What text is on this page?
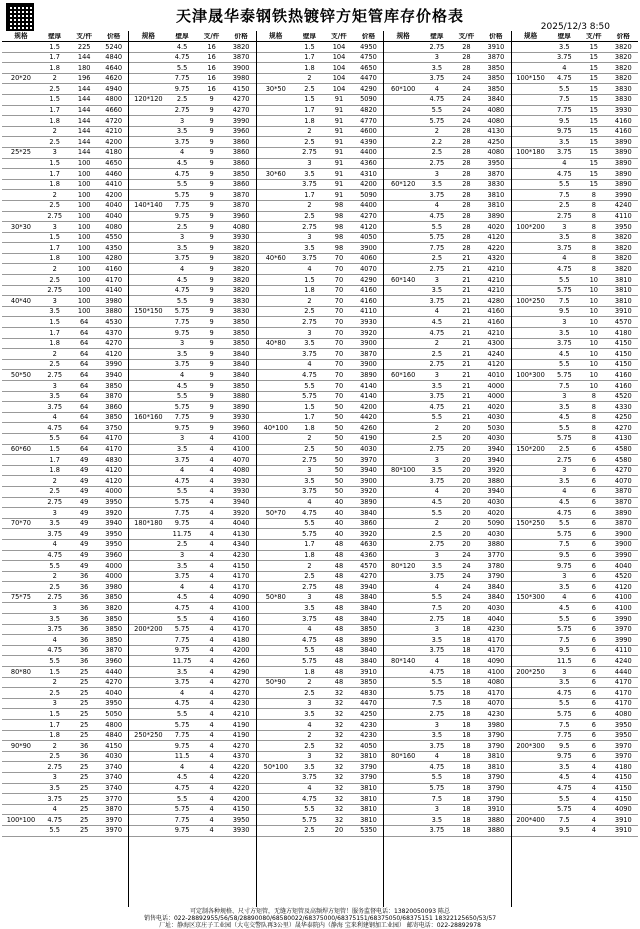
天津晟华泰钢铁热镀锌方矩管库存价格表
2025/12/3 8:50
规格	壁厚	支/件	价格
1.5	225	5240
1.7	144	4840
1.8	180	4640
20*20	2	196	4620
2.5	144	4940
1.5	144	4800
1.7	144	4660
1.8	144	4720
2	144	4210
2.5	144	4200
25*25	3	144	4180
1.5	100	4650
1.7	100	4460
1.8	100	4410
2	100	4200
2.5	100	4040
2.75	100	4040
30*30	3	100	4080
1.5	100	4550
1.7	100	4350
1.8	100	4280
2	100	4160
2.5	100	4170
2.75	100	4140
40*40	3	100	3980
3.5	100	3880
1.5	64	4530
1.7	64	4370
1.8	64	4270
2	64	4120
2.5	64	3990
50*50	2.75	64	3940
3	64	3850
3.5	64	3870
3.75	64	3860
4	64	3850
4.75	64	3750
5.5	64	4170
60*60	1.5	64	4170
1.7	49	4830
1.8	49	4120
2	49	4120
2.5	49	4000
2.75	49	3950
3	49	3920
70*70	3.5	49	3940
3.75	49	3950
4	49	3950
4.75	49	3960
5.5	49	4000
2	36	4000
2.5	36	3980
75*75	2.75	36	3850
3	36	3820
3.5	36	3850
3.75	36	3850
4	36	3850
4.75	36	3870
5.5	36	3960
80*80	1.5	25	4440
2	25	4270
2.5	25	4040
3	25	3950
1.5	25	5050
1.7	25	4800
1.8	25	4840
90*90	2	36	4150
2.5	36	4030
2.75	25	3740
3	25	3740
3.5	25	3740
3.75	25	3770
4	25	3870
100*100	4.75	25	3970
5.5	25	3970
规格	壁厚	支/件	价格
4.5	16	3820
4.75	16	3870
5.5	16	3900
7.75	16	3980
9.75	16	4150
120*120	2.5	9	4270
2.75	9	4270
3	9	3990
3.5	9	3960
3.75	9	3860
4	9	3860
4.5	9	3860
4.75	9	3850
5.5	9	3860
5.75	9	3870
140*140	7.75	9	3870
9.75	9	3960
2.5	9	4080
3	9	3930
3.5	9	3820
3.75	9	3820
4	9	3820
4.5	9	3820
4.75	9	3820
5.5	9	3830
150*150	5.75	9	3830
7.75	9	3850
9.75	9	3850
3	9	3850
3.5	9	3840
3.75	9	3840
4	9	3840
4.5	9	3850
5.5	9	3880
5.75	9	3890
160*160	7.75	9	3930
9.75	9	3960
3	4	4100
3.5	4	4100
3.75	4	4070
4	4	4080
4.75	4	3930
5.5	4	3930
5.75	4	3940
7.75	4	3920
180*180	9.75	4	4040
11.75	4	4130
2.5	4	4340
3	4	4230
3.5	4	4150
3.75	4	4170
4	4	4170
4.5	4	4090
4.75	4	4100
5.5	4	4160
200*200	5.75	4	4170
7.75	4	4180
9.75	4	4200
11.75	4	4260
3.5	4	4290
3.75	4	4270
4	4	4270
4.75	4	4230
5.5	4	4210
5.75	4	4190
250*250	7.75	4	4190
9.75	4	4270
11.5	4	4370
4	4	4220
4.5	4	4220
4.75	4	4220
5.5	4	4200
5.75	4	4150
7.75	4	3950
9.75	4	3930
规格	壁厚	支/件	价格
1.5	104	4950
1.7	104	4750
1.8	104	4650
2	104	4470
30*50	2.5	104	4290
1.5	91	5090
1.7	91	4820
1.8	91	4770
2	91	4600
2.5	91	4390
2.75	91	4400
3	91	4360
30*60	3.5	91	4310
3.75	91	4200
1.7	91	5090
2	98	4400
2.5	98	4270
2.75	98	4120
3	98	4050
3.5	98	3900
40*60	3.75	70	4060
4	70	4070
1.5	70	4290
1.8	70	4160
2	70	4160
2.5	70	4110
2.75	70	3930
3	70	3920
40*80	3.5	70	3900
3.75	70	3870
4	70	3900
4.75	70	3890
5.5	70	4140
5.75	70	4140
1.5	50	4200
1.7	50	4420
40*100	1.8	50	4260
2	50	4190
2.5	50	4030
2.75	50	3970
3	50	3940
3.5	50	3900
3.75	50	3920
4	40	3890
50*70	4.75	40	3840
5.5	40	3860
5.75	40	3920
1.7	48	4630
1.8	48	4360
2	48	4570
2.5	48	4270
2.75	48	3940
50*80	3	48	3840
3.5	48	3840
3.75	48	3840
4	48	3850
4.75	48	3890
5.5	48	3840
5.75	48	3840
1.8	48	3910
50*90	2	48	3850
2.5	32	4830
3	32	4470
3.5	32	4250
4	32	4230
2	32	4230
2.5	32	4050
3	32	3810
50*100	3.5	32	3790
3.75	32	3790
4	32	3810
4.75	32	3810
5.5	32	3810
5.75	32	3810
2.5	20	5350
规格	壁厚	支/件	价格
2.75	28	3910
3	28	3870
3.5	28	3850
3.75	24	3850
60*100	4	24	3850
4.75	24	3840
5.5	24	4080
5.75	24	4080
2	28	4130
2.2	28	4250
2.5	28	4080
2.75	28	3950
3	28	3870
60*120	3.5	28	3830
3.75	28	3810
4	28	3810
4.75	28	3890
5.5	28	4020
5.75	28	4120
7.75	28	4220
2.5	21	4320
2.75	21	4210
60*140	3	21	4210
3.5	21	4210
3.75	21	4280
4	21	4160
4.5	21	4160
4.75	21	4210
2	21	4300
2.5	21	4240
2.75	21	4120
60*160	3	21	4010
3.5	21	4000
3.75	21	4000
4.75	21	4020
5.5	21	4030
2	20	5030
2.5	20	4030
2.75	20	3940
3	20	3940
80*100	3.5	20	3920
3.75	20	3880
4	20	3940
4.5	20	4030
5.5	20	4020
2	20	5090
2.5	20	4030
2.75	20	3880
3	24	3770
80*120	3.5	24	3780
3.75	24	3790
4	24	3840
5.5	24	3840
7.5	20	4030
2.75	18	4040
3	18	4230
3.5	18	4170
3.75	18	4170
80*140	4	18	4090
4.75	18	4100
5.5	18	4080
5.75	18	4170
7.5	18	4070
2.75	18	4230
3	18	3980
3.5	18	3790
3.75	18	3790
80*160	4	18	3810
4.75	18	3810
5.5	18	3790
5.75	18	3790
7.5	18	3790
3	18	3910
3.5	18	3880
3.75	18	3880
规格	壁厚	支/件	价格
3.5	15	3820
3.75	15	3820
4	15	3820
100*150	4.75	15	3820
5.5	15	3830
7.5	15	3830
7.75	15	3930
9.5	15	4160
9.75	15	4160
3.5	15	3890
100*180	3.75	15	3890
4	15	3890
4.75	15	3890
5.5	15	3890
7.5	8	3990
2.5	8	4240
2.75	8	4110
100*200	3	8	3950
3.5	8	3820
3.75	8	3820
4	8	3820
4.75	8	3820
5.5	10	3810
5.75	10	3810
100*250	7.5	10	3810
9.5	10	3910
3	10	4570
3.5	10	4180
3.75	10	4150
4.5	10	4150
5.5	10	4150
100*300	5.75	10	4160
7.5	10	4160
3	8	4520
3.5	8	4330
4.5	8	4250
5.5	8	4270
5.75	8	4130
150*200	2.5	6	4580
2.75	6	4580
3	6	4270
3.5	6	4070
4	6	3870
4.5	6	3870
4.75	6	3890
150*250	5.5	6	3870
5.75	6	3900
7.5	6	3900
9.5	6	3990
9.75	6	4040
3	6	4520
3.5	6	4120
150*300	4	6	4100
4.5	6	4100
5.5	6	3990
5.75	6	3970
7.5	6	3990
9.5	6	4110
11.5	6	4240
200*250	3	6	4440
3.5	6	4170
4.75	6	4170
5.5	6	4170
5.75	6	4080
7.5	6	3950
7.75	6	3950
200*300	9.5	6	3970
9.75	6	3970
3.5	4	4180
4.5	4	4150
4.75	4	4150
5.5	4	4150
5.75	4	4090
200*400	7.5	4	3910
9.5	4	3910
可定制各种规格、尺寸方矩管，无缝方矩管及高频焊方矩管！服务监督电话：13820050093 陈总
销售电话：022-28892955/56/58/28890080/68580022/68375000/68375151/68375050/68375151 18322125650/53/57
厂址：静海区京庄子工业园（大屯交警队再3公里）晟华泰院内（静海 宝来利建钢加工业园） 邮寄电话：022-28892978
